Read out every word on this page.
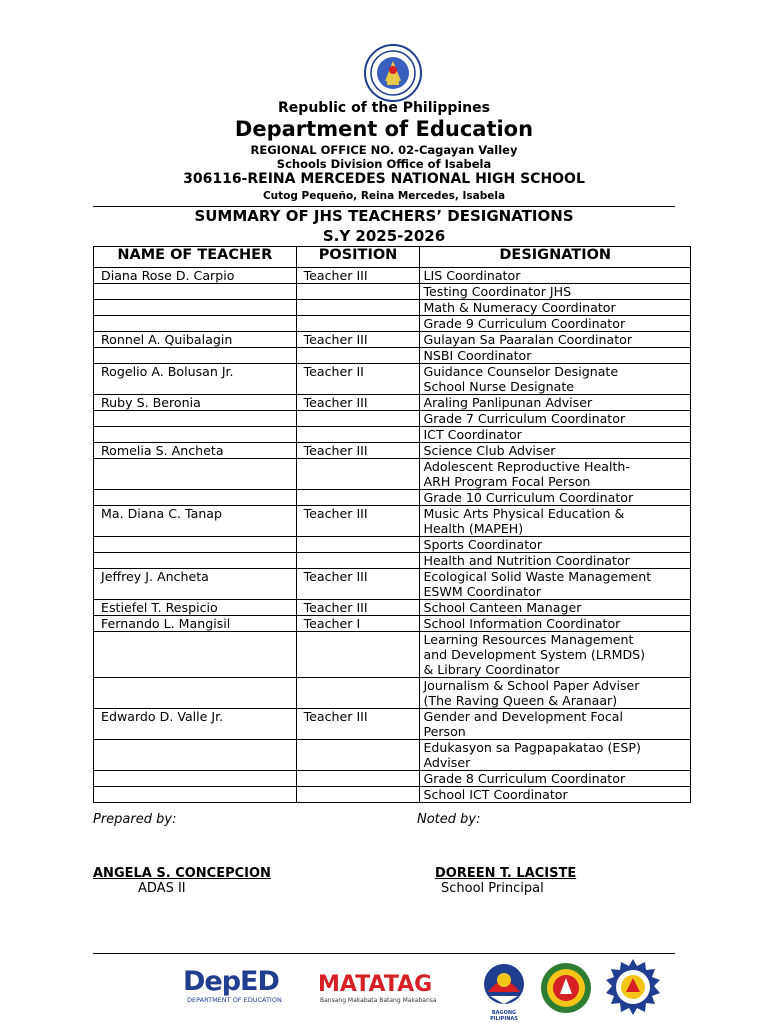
Republic of the Philippines
Department of Education
REGIONAL OFFICE NO. 02-Cagayan Valley
Schools Division Office of Isabela
306116-REINA MERCEDES NATIONAL HIGH SCHOOL
Cutog Pequeño, Reina Mercedes, Isabela
SUMMARY OF JHS TEACHERS’ DESIGNATIONS
S.Y 2025-2026
NAME OF TEACHER	POSITION	DESIGNATION
Diana Rose D. Carpio	Teacher III	LIS Coordinator
		Testing Coordinator JHS
		Math & Numeracy Coordinator
		Grade 9 Curriculum Coordinator
Ronnel A. Quibalagin	Teacher III	Gulayan Sa Paaralan Coordinator
		NSBI Coordinator
Rogelio A. Bolusan Jr.	Teacher II	Guidance Counselor Designate
School Nurse Designate
Ruby S. Beronia	Teacher III	Araling Panlipunan Adviser
		Grade 7 Curriculum Coordinator
		ICT Coordinator
Romelia S. Ancheta	Teacher III	Science Club Adviser
		Adolescent Reproductive Health-
ARH Program Focal Person
		Grade 10 Curriculum Coordinator
Ma. Diana C. Tanap	Teacher III	Music Arts Physical Education &
Health (MAPEH)
		Sports Coordinator
		Health and Nutrition Coordinator
Jeffrey J. Ancheta	Teacher III	Ecological Solid Waste Management
ESWM Coordinator
Estiefel T. Respicio	Teacher III	School Canteen Manager
Fernando L. Mangisil	Teacher I	School Information Coordinator
		Learning Resources Management
and Development System (LRMDS)
& Library Coordinator
		Journalism & School Paper Adviser
(The Raving Queen & Aranaar)
Edwardo D. Valle Jr.	Teacher III	Gender and Development Focal
Person
		Edukasyon sa Pagpapakatao (ESP)
Adviser
		Grade 8 Curriculum Coordinator
		School ICT Coordinator
Prepared by:	Noted by:
ANGELA S. CONCEPCION	DOREEN T. LACISTE
ADAS II	School Principal
DepED
DEPARTMENT OF EDUCATION
MATATAG
Bansang Makabata Batang Makabansa
BAGONG PILIPINAS
